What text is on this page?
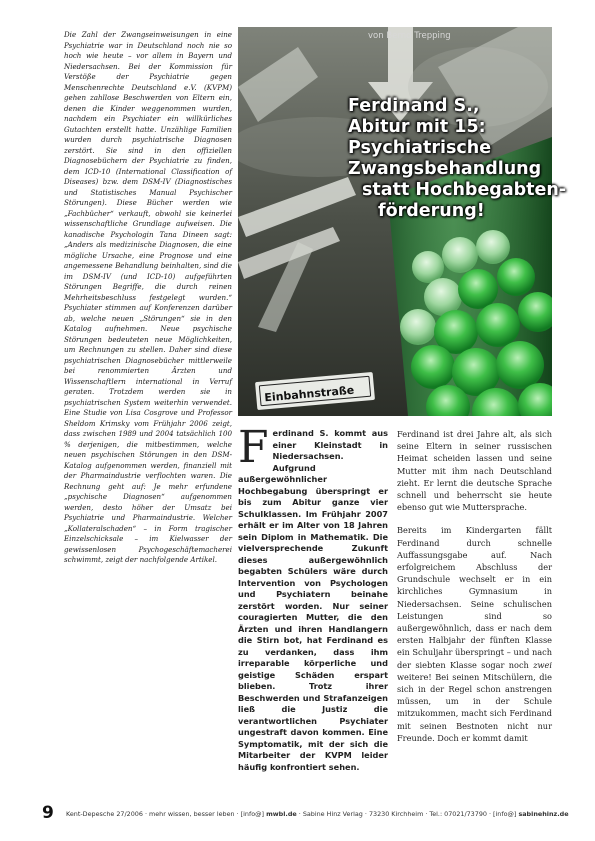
Die Zahl der Zwangseinweisungen in eine Psychiatrie war in Deutschland noch nie so hoch wie heute – vor allem in Bayern und Niedersachsen. Bei der Kommission für Verstöße der Psychiatrie gegen Menschenrechte Deutschland e.V. (KVPM) gehen zahllose Beschwerden von Eltern ein, denen die Kinder weggenommen wurden, nachdem ein Psychiater ein willkürliches Gutachten erstellt hatte. Unzählige Familien wurden durch psychiatrische Diagnosen zerstört. Sie sind in den offiziellen Diagnosebüchern der Psychiatrie zu finden, dem ICD-10 (International Classification of Diseases) bzw. dem DSM-IV (Diagnostisches und Statistisches Manual Psychischer Störungen). Diese Bücher werden wie „Fachbücher“ verkauft, obwohl sie keinerlei wissenschaftliche Grundlage aufweisen. Die kanadische Psychologin Tana Dineen sagt: „Anders als medizinische Diagnosen, die eine mögliche Ursache, eine Prognose und eine angemessene Behandlung beinhalten, sind die im DSM-IV (und ICD-10) aufgeführten Störungen Begriffe, die durch reinen Mehrheitsbeschluss festgelegt wurden.“ Psychiater stimmen auf Konferenzen darüber ab, welche neuen „Störungen“ sie in den Katalog aufnehmen. Neue psychische Störungen bedeuteten neue Möglichkeiten, um Rechnungen zu stellen. Daher sind diese psychiatrischen Diagnosebücher mittlerweile bei renommierten Ärzten und Wissenschaftlern international in Verruf geraten. Trotzdem werden sie in psychiatrischen System weiterhin verwendet. Eine Studie von Lisa Cosgrove und Professor Sheldom Krimsky vom Frühjahr 2006 zeigt, dass zwischen 1989 und 2004 tatsächlich 100 % derjenigen, die mitbestimmen, welche neuen psychischen Störungen in den DSM-Katalog aufgenommen werden, finanziell mit der Pharmaindustrie verflochten waren. Die Rechnung geht auf: Je mehr erfundene „psychische Diagnosen“ aufgenommen werden, desto höher der Umsatz bei Psychiatrie und Pharmaindustrie. Welcher „Kollateralschaden“ – in Form tragischer Einzelschicksale – im Kielwasser der gewissenlosen Psychogeschäftemacherei schwimmt, zeigt der nachfolgende Artikel.

Einbahnstraße
von Bernd Trepping
Ferdinand S.,
Abitur mit 15:
Psychiatrische
Zwangsbehandlung
statt Hochbegabten-
förderung!

Ferdinand S. kommt aus einer Kleinstadt in Niedersachsen. Aufgrund außergewöhnlicher Hochbegabung überspringt er bis zum Abitur ganze vier Schulklassen. Im Frühjahr 2007 erhält er im Alter von 18 Jahren sein Diplom in Mathematik. Die vielversprechende Zukunft dieses außergewöhnlich begabten Schülers wäre durch Intervention von Psychologen und Psychiatern beinahe zerstört worden. Nur seiner couragierten Mutter, die den Ärzten und ihren Handlangern die Stirn bot, hat Ferdinand es zu verdanken, dass ihm irreparable körperliche und geistige Schäden erspart blieben. Trotz ihrer Beschwerden und Strafanzeigen ließ die Justiz die verantwortlichen Psychiater ungestraft davon kommen. Eine Symptomatik, mit der sich die Mitarbeiter der KVPM leider häufig konfrontiert sehen.

Ferdinand ist drei Jahre alt, als sich seine Eltern in seiner russischen Heimat scheiden lassen und seine Mutter mit ihm nach Deutschland zieht. Er lernt die deutsche Sprache schnell und beherrscht sie heute ebenso gut wie Muttersprache.

Bereits im Kindergarten fällt Ferdinand durch schnelle Auffassungsgabe auf. Nach erfolgreichem Abschluss der Grundschule wechselt er in ein kirchliches Gymnasium in Niedersachsen. Seine schulischen Leistungen sind so außergewöhnlich, dass er nach dem ersten Halbjahr der fünften Klasse ein Schuljahr überspringt – und nach der siebten Klasse sogar noch zwei weitere! Bei seinen Mitschülern, die sich in der Regel schon anstrengen müssen, um in der Schule mitzukommen, macht sich Ferdinand mit seinen Bestnoten nicht nur Freunde. Doch er kommt damit

9 Kent-Depesche 27/2006 · mehr wissen, besser leben · [info@] mwbl.de · Sabine Hinz Verlag · 73230 Kirchheim · Tel.: 07021/73790 · [info@] sabinehinz.de
